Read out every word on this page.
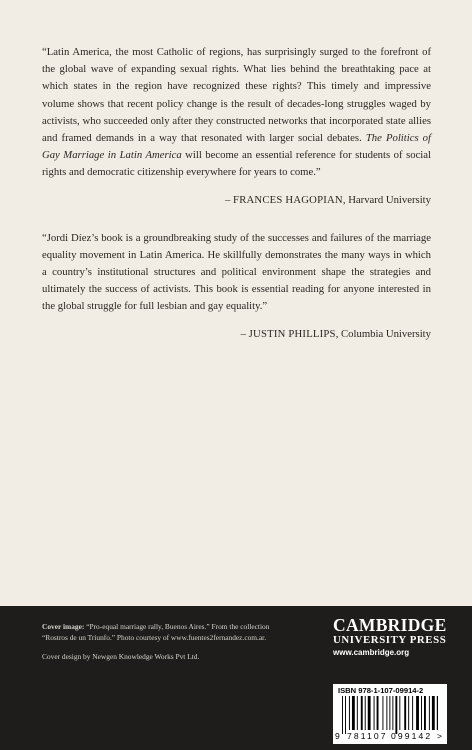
“Latin America, the most Catholic of regions, has surprisingly surged to the forefront of the global wave of expanding sexual rights. What lies behind the breathtaking pace at which states in the region have recognized these rights? This timely and impressive volume shows that recent policy change is the result of decades-long struggles waged by activists, who succeeded only after they constructed networks that incorporated state allies and framed demands in a way that resonated with larger social debates. The Politics of Gay Marriage in Latin America will become an essential reference for students of social rights and democratic citizenship everywhere for years to come.”

– FRANCES HAGOPIAN, Harvard University

“Jordi Díez’s book is a groundbreaking study of the successes and failures of the marriage equality movement in Latin America. He skillfully demonstrates the many ways in which a country’s institutional structures and political environment shape the strategies and ultimately the success of activists. This book is essential reading for anyone interested in the global struggle for full lesbian and gay equality.”

– JUSTIN PHILLIPS, Columbia University

Cover image: “Pro-equal marriage rally, Buenos Aires.” From the collection “Rostros de un Triunfo.” Photo courtesy of www.fuentes2fernandez.com.ar.
Cover design by Newgen Knowledge Works Pvt Ltd.
CAMBRIDGE
UNIVERSITY PRESS
www.cambridge.org
ISBN 978-1-107-09914-2
9 781107 099142 >
